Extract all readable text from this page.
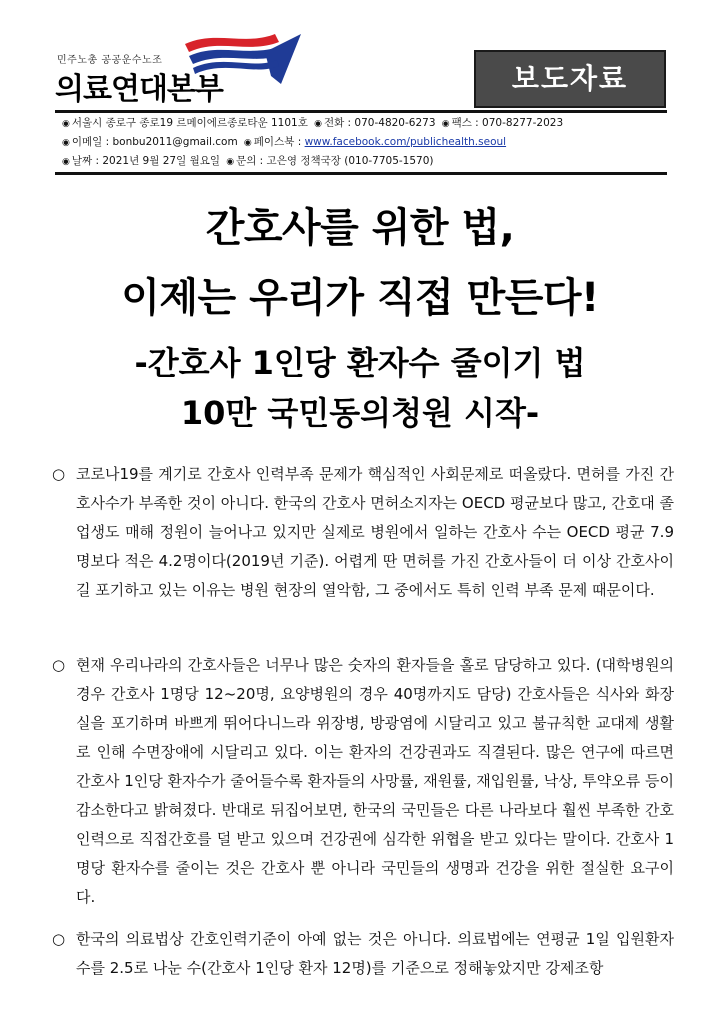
민주노총 공공운수노조
의료연대본부	보도자료
◉ 서울시 종로구 종로19 르메이에르종로타운 1101호  ◉ 전화 : 070-4820-6273  ◉ 팩스 : 070-8277-2023
◉ 이메일 : bonbu2011@gmail.com  ◉ 페이스북 : www.facebook.com/publichealth.seoul
◉ 날짜 : 2021년 9월 27일 월요일  ◉ 문의 : 고은영 정책국장 (010-7705-1570)
간호사를 위한 법,
이제는 우리가 직접 만든다!
-간호사 1인당 환자수 줄이기 법
10만 국민동의청원 시작-
○ 코로나19를 계기로 간호사 인력부족 문제가 핵심적인 사회문제로 떠올랐다. 면허를 가진 간호사수가 부족한 것이 아니다. 한국의 간호사 면허소지자는 OECD 평균보다 많고, 간호대 졸업생도 매해 정원이 늘어나고 있지만 실제로 병원에서 일하는 간호사 수는 OECD 평균 7.9명보다 적은 4.2명이다(2019년 기준). 어렵게 딴 면허를 가진 간호사들이 더 이상 간호사이길 포기하고 있는 이유는 병원 현장의 열악함, 그 중에서도 특히 인력 부족 문제 때문이다.
○ 현재 우리나라의 간호사들은 너무나 많은 숫자의 환자들을 홀로 담당하고 있다. (대학병원의 경우 간호사 1명당 12~20명, 요양병원의 경우 40명까지도 담당) 간호사들은 식사와 화장실을 포기하며 바쁘게 뛰어다니느라 위장병, 방광염에 시달리고 있고 불규칙한 교대제 생활로 인해 수면장애에 시달리고 있다. 이는 환자의 건강권과도 직결된다. 많은 연구에 따르면 간호사 1인당 환자수가 줄어들수록 환자들의 사망률, 재원률, 재입원률, 낙상, 투약오류 등이 감소한다고 밝혀졌다. 반대로 뒤집어보면, 한국의 국민들은 다른 나라보다 훨씬 부족한 간호인력으로 직접간호를 덜 받고 있으며 건강권에 심각한 위협을 받고 있다는 말이다. 간호사 1명당 환자수를 줄이는 것은 간호사 뿐 아니라 국민들의 생명과 건강을 위한 절실한 요구이다.
○ 한국의 의료법상 간호인력기준이 아예 없는 것은 아니다. 의료법에는 연평균 1일 입원환자수를 2.5로 나눈 수(간호사 1인당 환자 12명)를 기준으로 정해놓았지만 강제조항
